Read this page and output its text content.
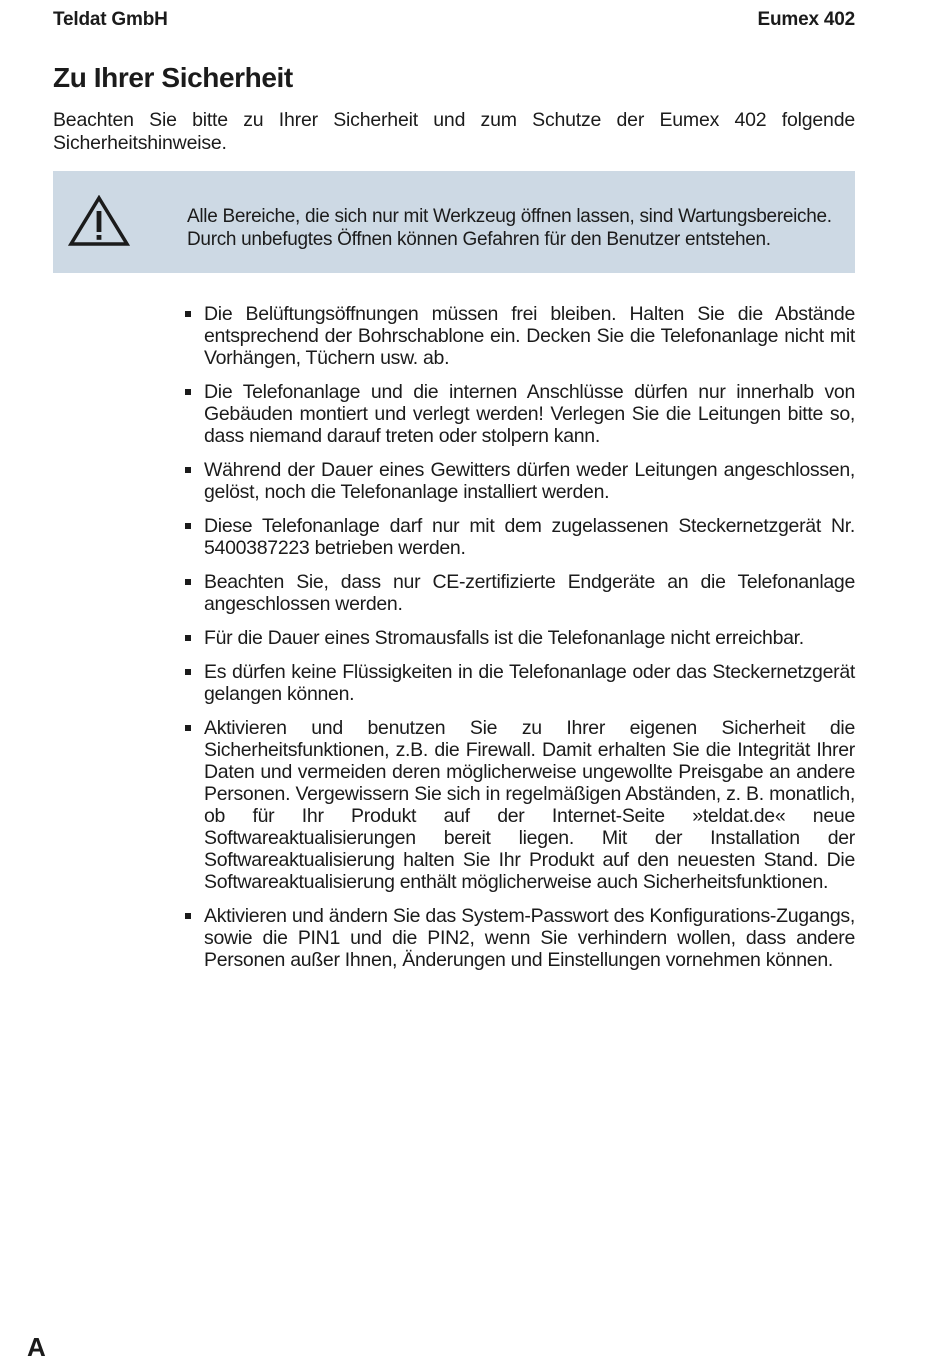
Teldat GmbH	Eumex 402
Zu Ihrer Sicherheit

Beachten Sie bitte zu Ihrer Sicherheit und zum Schutze der Eumex 402 folgende Sicherheitshinweise.

Alle Bereiche, die sich nur mit Werkzeug öffnen lassen, sind Wartungsbereiche. Durch unbefugtes Öffnen können Gefahren für den Benutzer entstehen.

Die Belüftungsöffnungen müssen frei bleiben. Halten Sie die Abstände entsprechend der Bohrschablone ein. Decken Sie die Telefonanlage nicht mit Vorhängen, Tüchern usw. ab.
Die Telefonanlage und die internen Anschlüsse dürfen nur innerhalb von Gebäuden montiert und verlegt werden! Verlegen Sie die Leitungen bitte so, dass niemand darauf treten oder stolpern kann.
Während der Dauer eines Gewitters dürfen weder Leitungen angeschlossen, gelöst, noch die Telefonanlage installiert werden.
Diese Telefonanlage darf nur mit dem zugelassenen Steckernetzgerät Nr. 5400387223 betrieben werden.
Beachten Sie, dass nur CE-zertifizierte Endgeräte an die Telefonanlage angeschlossen werden.
Für die Dauer eines Stromausfalls ist die Telefonanlage nicht erreichbar.
Es dürfen keine Flüssigkeiten in die Telefonanlage oder das Steckernetzgerät gelangen können.
Aktivieren und benutzen Sie zu Ihrer eigenen Sicherheit die Sicherheitsfunktionen, z.B. die Firewall. Damit erhalten Sie die Integrität Ihrer Daten und vermeiden deren möglicherweise ungewollte Preisgabe an andere Personen. Vergewissern Sie sich in regelmäßigen Abständen, z. B. monatlich, ob für Ihr Produkt auf der Internet-Seite »teldat.de« neue Softwareaktualisierungen bereit liegen. Mit der Installation der Softwareaktualisierung halten Sie Ihr Produkt auf den neuesten Stand. Die Softwareaktualisierung enthält möglicherweise auch Sicherheitsfunktionen.
Aktivieren und ändern Sie das System-Passwort des Konfigurations-Zugangs, sowie die PIN1 und die PIN2, wenn Sie verhindern wollen, dass andere Personen außer Ihnen, Änderungen und Einstellungen vornehmen können.
A
